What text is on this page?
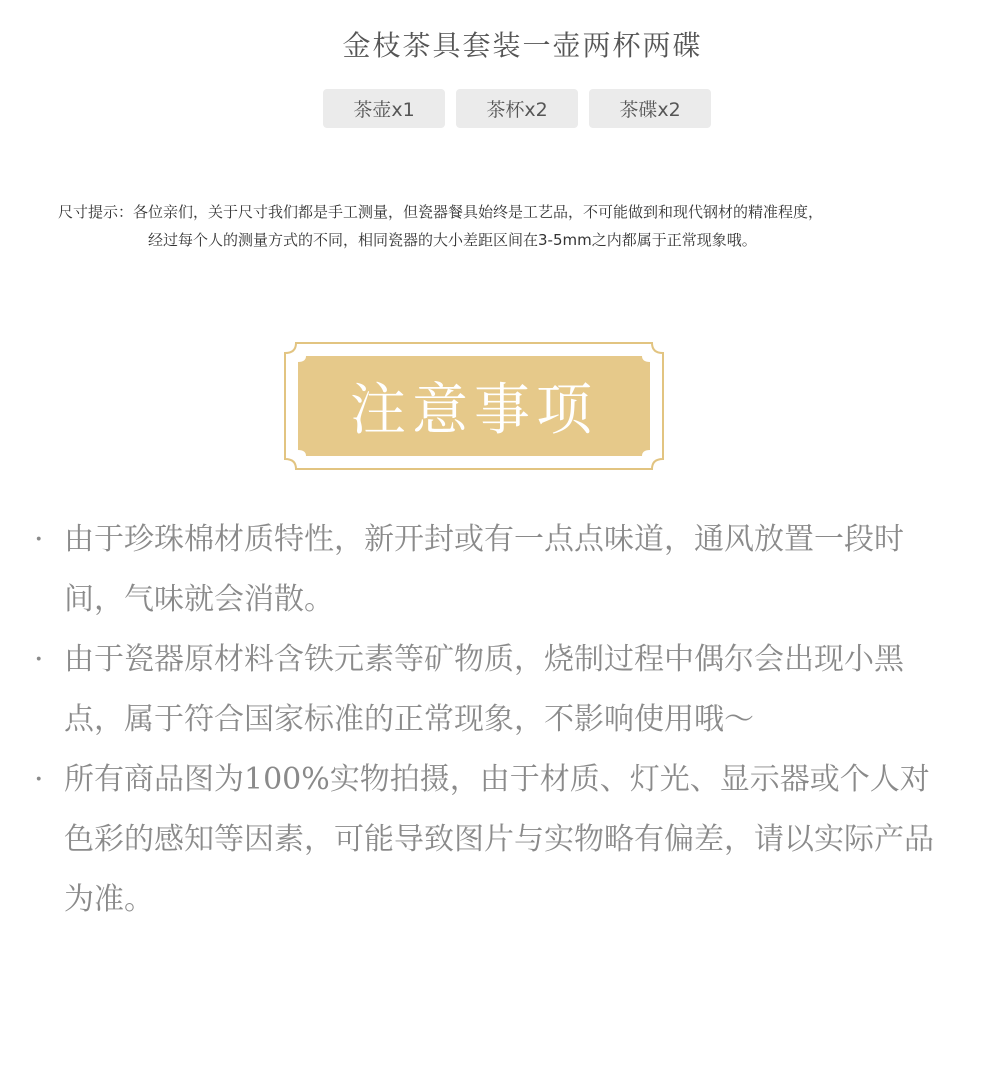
金枝茶具套装一壶两杯两碟
茶壶x1	茶杯x2	茶碟x2
尺寸提示：各位亲们，关于尺寸我们都是手工测量，但瓷器餐具始终是工艺品，不可能做到和现代钢材的精准程度，
经过每个人的测量方式的不同，相同瓷器的大小差距区间在3-5mm之内都属于正常现象哦。
注意事项
· 由于珍珠棉材质特性，新开封或有一点点味道，通风放置一段时间，气味就会消散。
· 由于瓷器原材料含铁元素等矿物质，烧制过程中偶尔会出现小黑点，属于符合国家标准的正常现象，不影响使用哦～
· 所有商品图为100%实物拍摄，由于材质、灯光、显示器或个人对色彩的感知等因素，可能导致图片与实物略有偏差，请以实际产品为准。
